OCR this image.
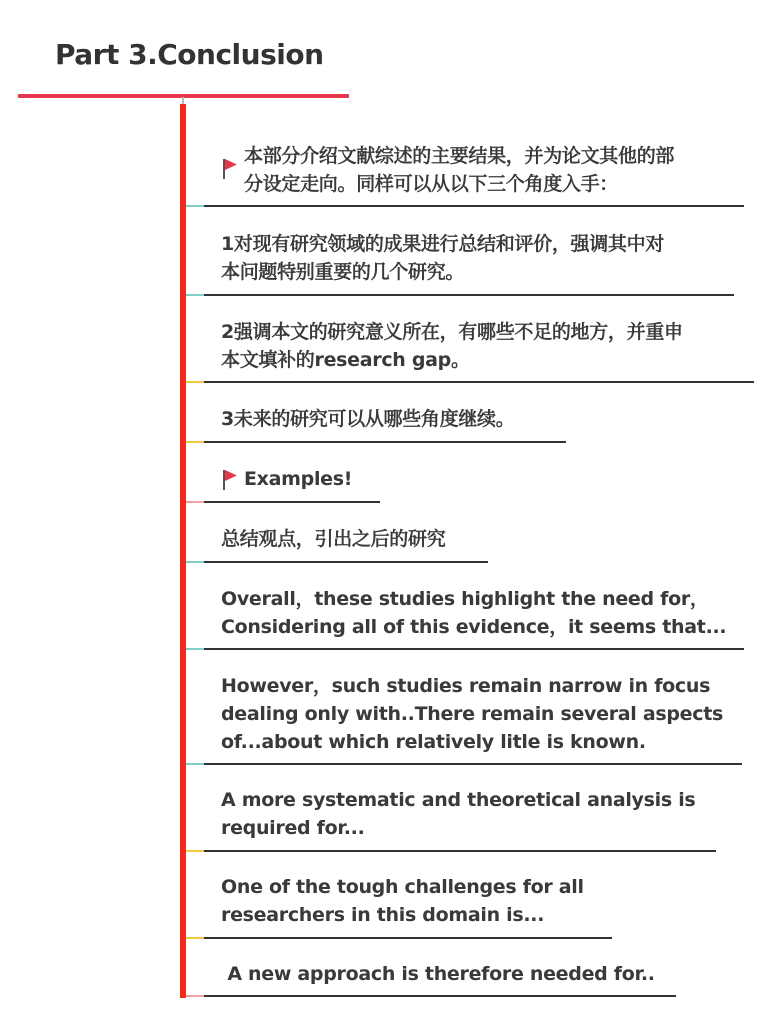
Part 3.Conclusion
本部分介绍文献综述的主要结果，并为论文其他的部
分设定走向。同样可以从以下三个角度入手：
1对现有研究领域的成果进行总结和评价，强调其中对
本问题特别重要的几个研究。
2强调本文的研究意义所在，有哪些不足的地方，并重申
本文填补的research gap。
3未来的研究可以从哪些角度继续。
Examples!
总结观点，引出之后的研究
Overall，these studies highlight the need for，
Considering all of this evidence，it seems that...
However，such studies remain narrow in focus
dealing only with..There remain several aspects
of...about which relatively litle is known.
A more systematic and theoretical analysis is
required for...
One of the tough challenges for all
researchers in this domain is...
A new approach is therefore needed for..
